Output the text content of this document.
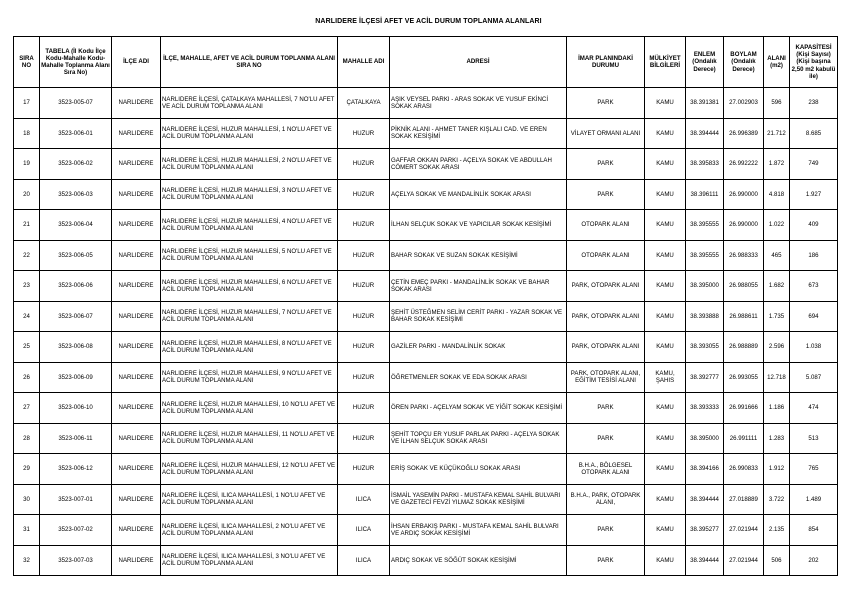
NARLIDERE İLÇESİ AFET VE ACİL DURUM TOPLANMA ALANLARI
SIRA NO	TABELA (İl Kodu İlçe Kodu-Mahalle Kodu-Mahalle Toplanma Alanı Sıra No)	İLÇE ADI	İLÇE, MAHALLE, AFET VE ACİL DURUM TOPLANMA ALANI SIRA NO	MAHALLE ADI	ADRESİ	İMAR PLANINDAKİ DURUMU	MÜLKİYET BİLGİLERİ	ENLEM (Ondalık Derece)	BOYLAM (Ondalık Derece)	ALANI (m2)	KAPASİTESİ (Kişi Sayısı) (Kişi başına 2,50 m2 kabulü ile)
17	3523-005-07	NARLIDERE	NARLIDERE İLÇESİ, ÇATALKAYA MAHALLESİ, 7 NO'LU AFET VE ACİL DURUM TOPLANMA ALANI	ÇATALKAYA	AŞIK VEYSEL PARKI - ARAS SOKAK VE YUSUF EKİNCİ SOKAK ARASI	PARK	KAMU	38.391381	27.002903	596	238
18	3523-006-01	NARLIDERE	NARLIDERE İLÇESİ, HUZUR MAHALLESİ, 1 NO'LU AFET VE ACİL DURUM TOPLANMA ALANI	HUZUR	PİKNİK ALANI - AHMET TANER KIŞLALI CAD. VE EREN SOKAK KESİŞİMİ	VİLAYET ORMANI ALANI	KAMU	38.394444	26.996389	21.712	8.685
19	3523-006-02	NARLIDERE	NARLIDERE İLÇESİ, HUZUR MAHALLESİ, 2 NO'LU AFET VE ACİL DURUM TOPLANMA ALANI	HUZUR	GAFFAR OKKAN PARKI - AÇELYA SOKAK VE ABDULLAH CÖMERT SOKAK ARASI	PARK	KAMU	38.395833	26.992222	1.872	749
20	3523-006-03	NARLIDERE	NARLIDERE İLÇESİ, HUZUR MAHALLESİ, 3 NO'LU AFET VE ACİL DURUM TOPLANMA ALANI	HUZUR	AÇELYA SOKAK VE MANDALİNLİK SOKAK ARASI	PARK	KAMU	38.396111	26.990000	4.818	1.927
21	3523-006-04	NARLIDERE	NARLIDERE İLÇESİ, HUZUR MAHALLESİ, 4 NO'LU AFET VE ACİL DURUM TOPLANMA ALANI	HUZUR	İLHAN SELÇUK SOKAK VE YAPICILAR SOKAK KESİŞİMİ	OTOPARK ALANI	KAMU	38.395555	26.990000	1.022	409
22	3523-006-05	NARLIDERE	NARLIDERE İLÇESİ, HUZUR MAHALLESİ, 5 NO'LU AFET VE ACİL DURUM TOPLANMA ALANI	HUZUR	BAHAR SOKAK VE SUZAN SOKAK KESİŞİMİ	OTOPARK ALANI	KAMU	38.395555	26.988333	465	186
23	3523-006-06	NARLIDERE	NARLIDERE İLÇESİ, HUZUR MAHALLESİ, 6 NO'LU AFET VE ACİL DURUM TOPLANMA ALANI	HUZUR	ÇETİN EMEÇ PARKI - MANDALİNLİK SOKAK VE BAHAR SOKAK ARASI	PARK, OTOPARK ALANI	KAMU	38.395000	26.988055	1.682	673
24	3523-006-07	NARLIDERE	NARLIDERE İLÇESİ, HUZUR MAHALLESİ, 7 NO'LU AFET VE ACİL DURUM TOPLANMA ALANI	HUZUR	ŞEHİT ÜSTEĞMEN SELİM CERİT PARKI - YAZAR SOKAK VE BAHAR SOKAK KESİŞİMİ	PARK, OTOPARK ALANI	KAMU	38.393888	26.988611	1.735	694
25	3523-006-08	NARLIDERE	NARLIDERE İLÇESİ, HUZUR MAHALLESİ, 8 NO'LU AFET VE ACİL DURUM TOPLANMA ALANI	HUZUR	GAZİLER PARKI - MANDALİNLİK SOKAK	PARK, OTOPARK ALANI	KAMU	38.393055	26.988889	2.596	1.038
26	3523-006-09	NARLIDERE	NARLIDERE İLÇESİ, HUZUR MAHALLESİ, 9 NO'LU AFET VE ACİL DURUM TOPLANMA ALANI	HUZUR	ÖĞRETMENLER SOKAK VE EDA SOKAK ARASI	PARK, OTOPARK ALANI, EĞİTİM TESİSİ ALANI	KAMU, ŞAHIS	38.392777	26.993055	12.718	5.087
27	3523-006-10	NARLIDERE	NARLIDERE İLÇESİ, HUZUR MAHALLESİ, 10 NO'LU AFET VE ACİL DURUM TOPLANMA ALANI	HUZUR	ÖREN PARKI - AÇELYAM SOKAK VE YİĞİT SOKAK KESİŞİMİ	PARK	KAMU	38.393333	26.991666	1.186	474
28	3523-006-11	NARLIDERE	NARLIDERE İLÇESİ, HUZUR MAHALLESİ, 11 NO'LU AFET VE ACİL DURUM TOPLANMA ALANI	HUZUR	ŞEHİT TOPÇU ER YUSUF PARLAK PARKI - AÇELYA SOKAK VE İLHAN SELÇUK SOKAK ARASI	PARK	KAMU	38.395000	26.991111	1.283	513
29	3523-006-12	NARLIDERE	NARLIDERE İLÇESİ, HUZUR MAHALLESİ, 12 NO'LU AFET VE ACİL DURUM TOPLANMA ALANI	HUZUR	ERİŞ SOKAK VE KÜÇÜKOĞLU SOKAK ARASI	B.H.A., BÖLGESEL OTOPARK ALANI	KAMU	38.394166	26.990833	1.912	765
30	3523-007-01	NARLIDERE	NARLIDERE İLÇESİ, ILICA MAHALLESİ, 1 NO'LU AFET VE ACİL DURUM TOPLANMA ALANI	ILICA	İSMAİL YASEMİN PARKI - MUSTAFA KEMAL SAHİL BULVARI VE GAZETECİ FEVZİ YILMAZ SOKAK KESİŞİMİ	B.H.A., PARK, OTOPARK ALANI,	KAMU	38.394444	27.018889	3.722	1.489
31	3523-007-02	NARLIDERE	NARLIDERE İLÇESİ, ILICA MAHALLESİ, 2 NO'LU AFET VE ACİL DURUM TOPLANMA ALANI	ILICA	İHSAN ERBAKIŞ PARKI - MUSTAFA KEMAL SAHİL BULVARI VE ARDIÇ SOKAK KESİŞİMİ	PARK	KAMU	38.395277	27.021944	2.135	854
32	3523-007-03	NARLIDERE	NARLIDERE İLÇESİ, ILICA MAHALLESİ, 3 NO'LU AFET VE ACİL DURUM TOPLANMA ALANI	ILICA	ARDIÇ SOKAK VE SÖĞÜT SOKAK KESİŞİMİ	PARK	KAMU	38.394444	27.021944	506	202
